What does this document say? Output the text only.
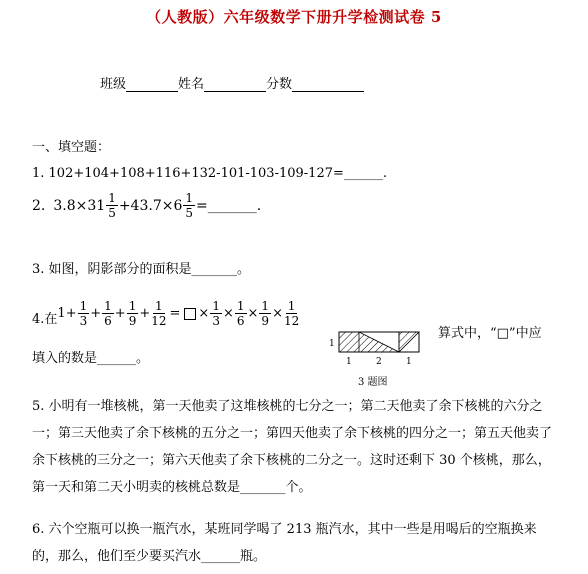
（人教版）六年级数学下册升学检测试卷 5
班级	姓名	分数
一、填空题：
1. 102+104+108+116+132-101-103-109-127=______.
2. $3.8 \times 31 \frac{1}{5} +43.7\times 6 \frac{1}{5}$ =_______.
3. 如图，阴影部分的面积是_______。
4.在 $1 + \frac{1}{3} + \frac{1}{6} + \frac{1}{9} + \frac{1}{12}$ = × $\frac{1}{3} \times \frac{1}{6} \times \frac{1}{9} \times \frac{1}{12}$
1
1	2	1
3 题图
算式中，“□”中应
填入的数是______。
5. 小明有一堆核桃，第一天他卖了这堆核桃的七分之一；第二天他卖了余下核桃的六分之一；第三天他卖了余下核桃的五分之一；第四天他卖了余下核桃的四分之一；第五天他卖了余下核桃的三分之一；第六天他卖了余下核桃的二分之一。这时还剩下 30 个核桃，那么，第一天和第二天小明卖的核桃总数是_______个。
6. 六个空瓶可以换一瓶汽水，某班同学喝了 213 瓶汽水，其中一些是用喝后的空瓶换来的，那么，他们至少要买汽水______瓶。
